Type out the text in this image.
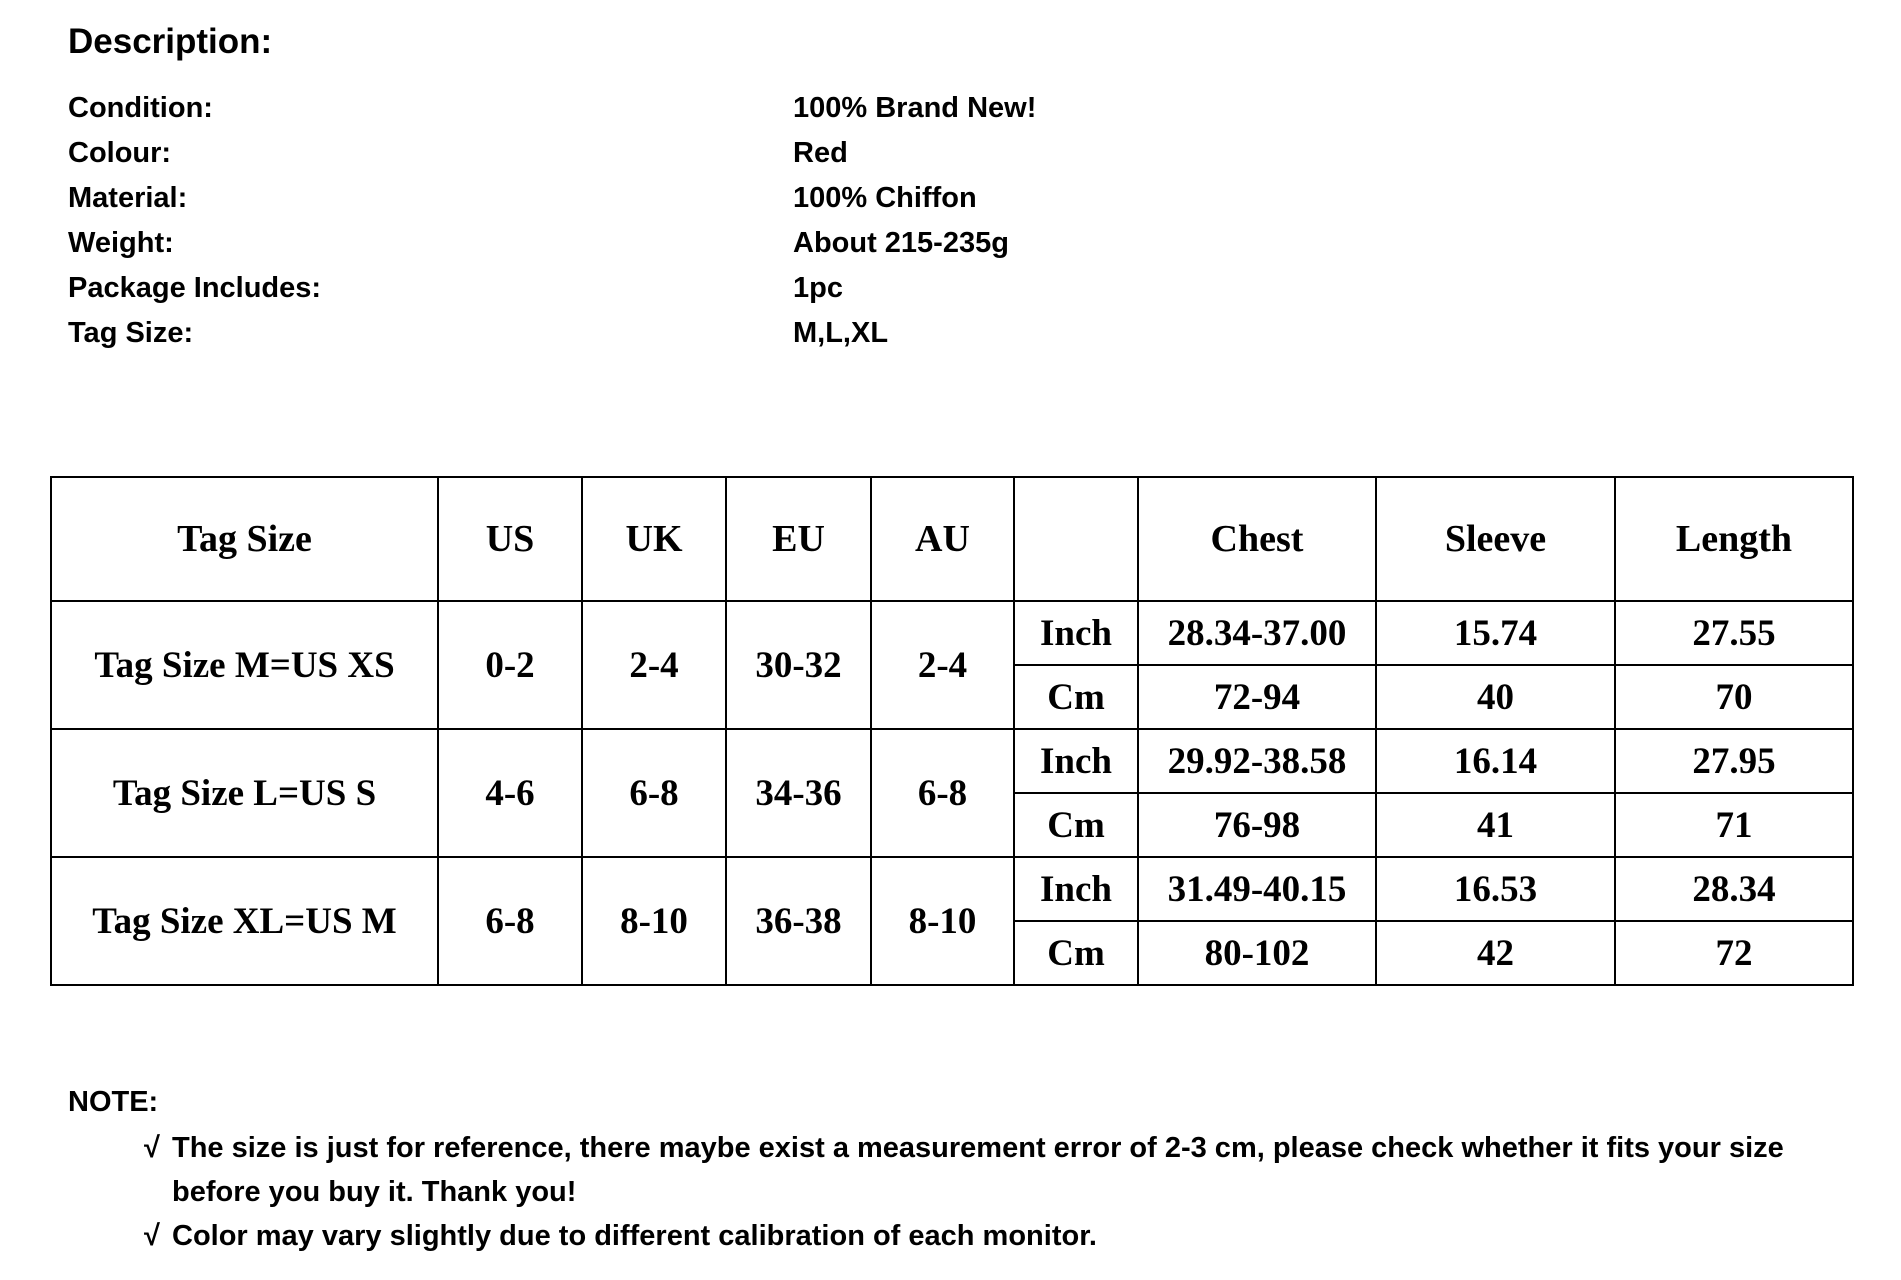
Description:
Condition:	100% Brand New!
Colour:	Red
Material:	100% Chiffon
Weight:	About 215-235g
Package Includes:	1pc
Tag Size:	M,L,XL
Tag Size	US	UK	EU	AU		Chest	Sleeve	Length
Tag Size M=US XS	0-2	2-4	30-32	2-4	Inch	28.34-37.00	15.74	27.55
					Cm	72-94	40	70
Tag Size L=US S	4-6	6-8	34-36	6-8	Inch	29.92-38.58	16.14	27.95
					Cm	76-98	41	71
Tag Size XL=US M	6-8	8-10	36-38	8-10	Inch	31.49-40.15	16.53	28.34
					Cm	80-102	42	72
NOTE:
√ The size is just for reference, there maybe exist a measurement error of 2-3 cm, please check whether it fits your size
before you buy it. Thank you!
√ Color may vary slightly due to different calibration of each monitor.
